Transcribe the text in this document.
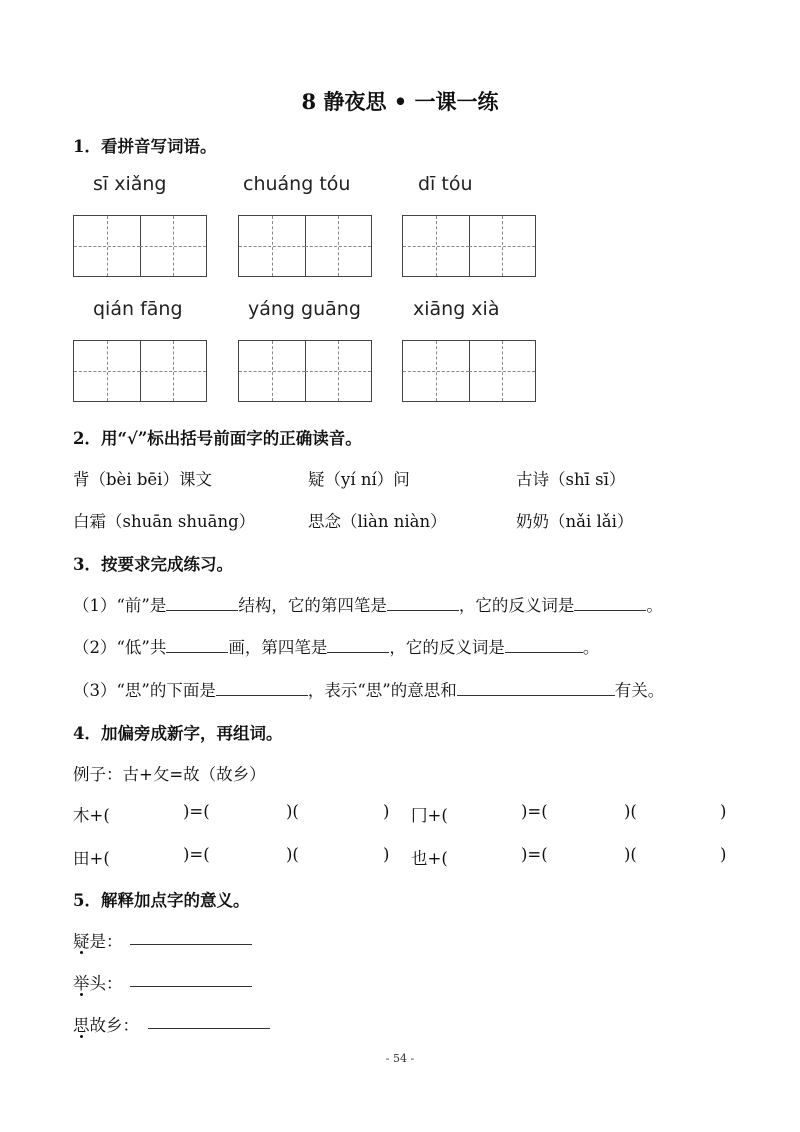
8 静夜思 • 一课一练
1．看拼音写词语。
sī xiǎng	chuáng tóu	dī tóu
qián fāng	yáng guāng	xiāng xià
2．用“√”标出括号前面字的正确读音。
背（bèi bēi）课文	疑（yí ní）问	古诗（shī sī）
白霜（shuān shuāng）	思念（liàn niàn）	奶奶（nǎi lǎi）
3．按要求完成练习。
（1）“前”是	结构，它的第四笔是	，它的反义词是	。
（2）“低”共	画，第四笔是	，它的反义词是	。
（3）“思”的下面是	，表示“思”的意思和	有关。
4．加偏旁成新字，再组词。
例子：古+攵=故（故乡）
木+(	)=(	)(	) 冂+(	)=(	)(	)
田+(	)=(	)(	) 也+(	)=(	)(	)
5．解释加点字的意义。
疑是：
举头：
思故乡：
- 54 -
